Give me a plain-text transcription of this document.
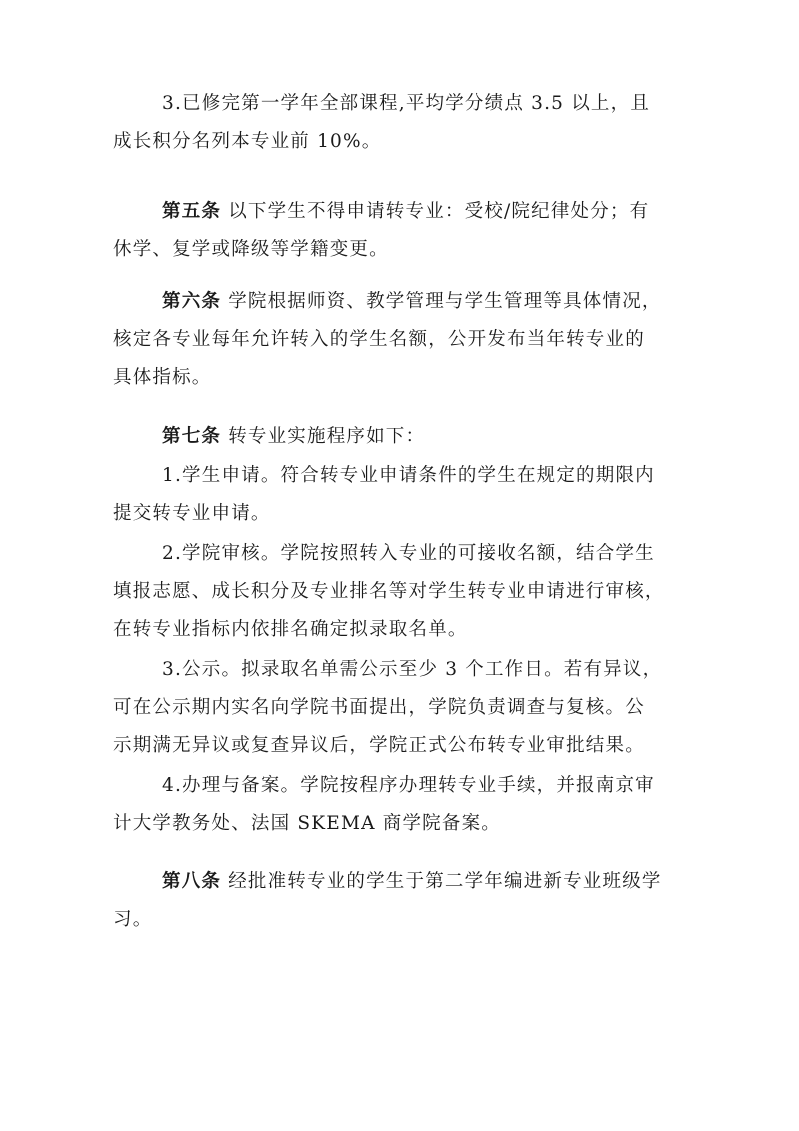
3.已修完第一学年全部课程,平均学分绩点 3.5 以上，且
成长积分名列本专业前 10%。
第五条 以下学生不得申请转专业：受校/院纪律处分；有
休学、复学或降级等学籍变更。
第六条 学院根据师资、教学管理与学生管理等具体情况，
核定各专业每年允许转入的学生名额，公开发布当年转专业的
具体指标。
第七条 转专业实施程序如下：
1.学生申请。符合转专业申请条件的学生在规定的期限内
提交转专业申请。
2.学院审核。学院按照转入专业的可接收名额，结合学生
填报志愿、成长积分及专业排名等对学生转专业申请进行审核，
在转专业指标内依排名确定拟录取名单。
3.公示。拟录取名单需公示至少 3 个工作日。若有异议，
可在公示期内实名向学院书面提出，学院负责调查与复核。公
示期满无异议或复查异议后，学院正式公布转专业审批结果。
4.办理与备案。学院按程序办理转专业手续，并报南京审
计大学教务处、法国 SKEMA 商学院备案。
第八条 经批准转专业的学生于第二学年编进新专业班级学
习。
